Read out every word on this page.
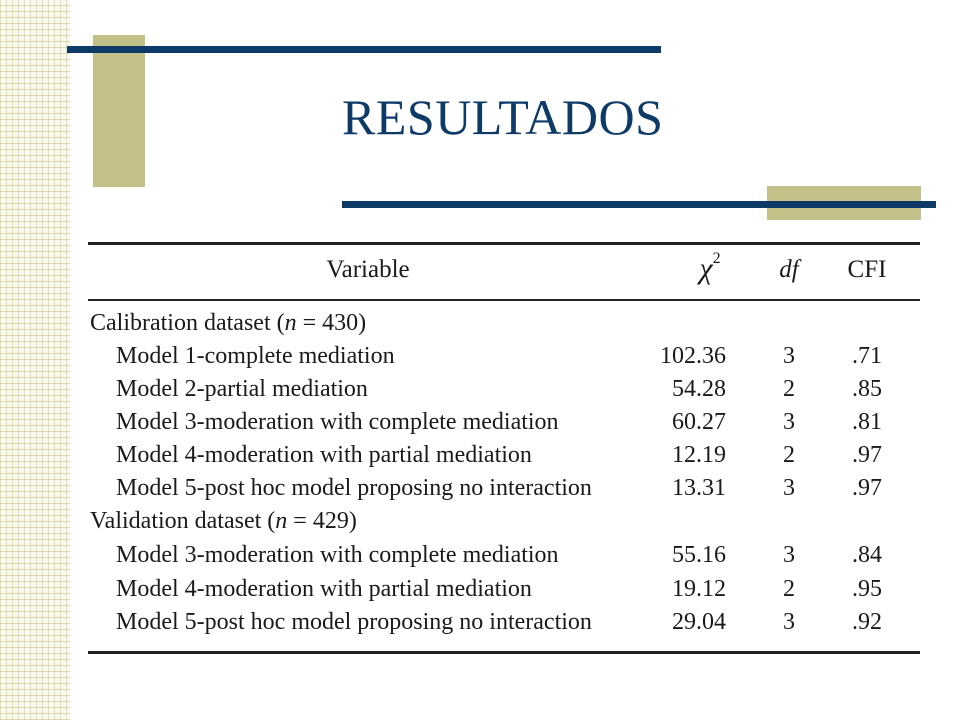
RESULTADOS
Variable	$\chi^2$	df	CFI
Calibration dataset (n = 430)
Model 1-complete mediation	102.36	3	.71
Model 2-partial mediation	54.28	2	.85
Model 3-moderation with complete mediation	60.27	3	.81
Model 4-moderation with partial mediation	12.19	2	.97
Model 5-post hoc model proposing no interaction	13.31	3	.97
Validation dataset (n = 429)
Model 3-moderation with complete mediation	55.16	3	.84
Model 4-moderation with partial mediation	19.12	2	.95
Model 5-post hoc model proposing no interaction	29.04	3	.92
